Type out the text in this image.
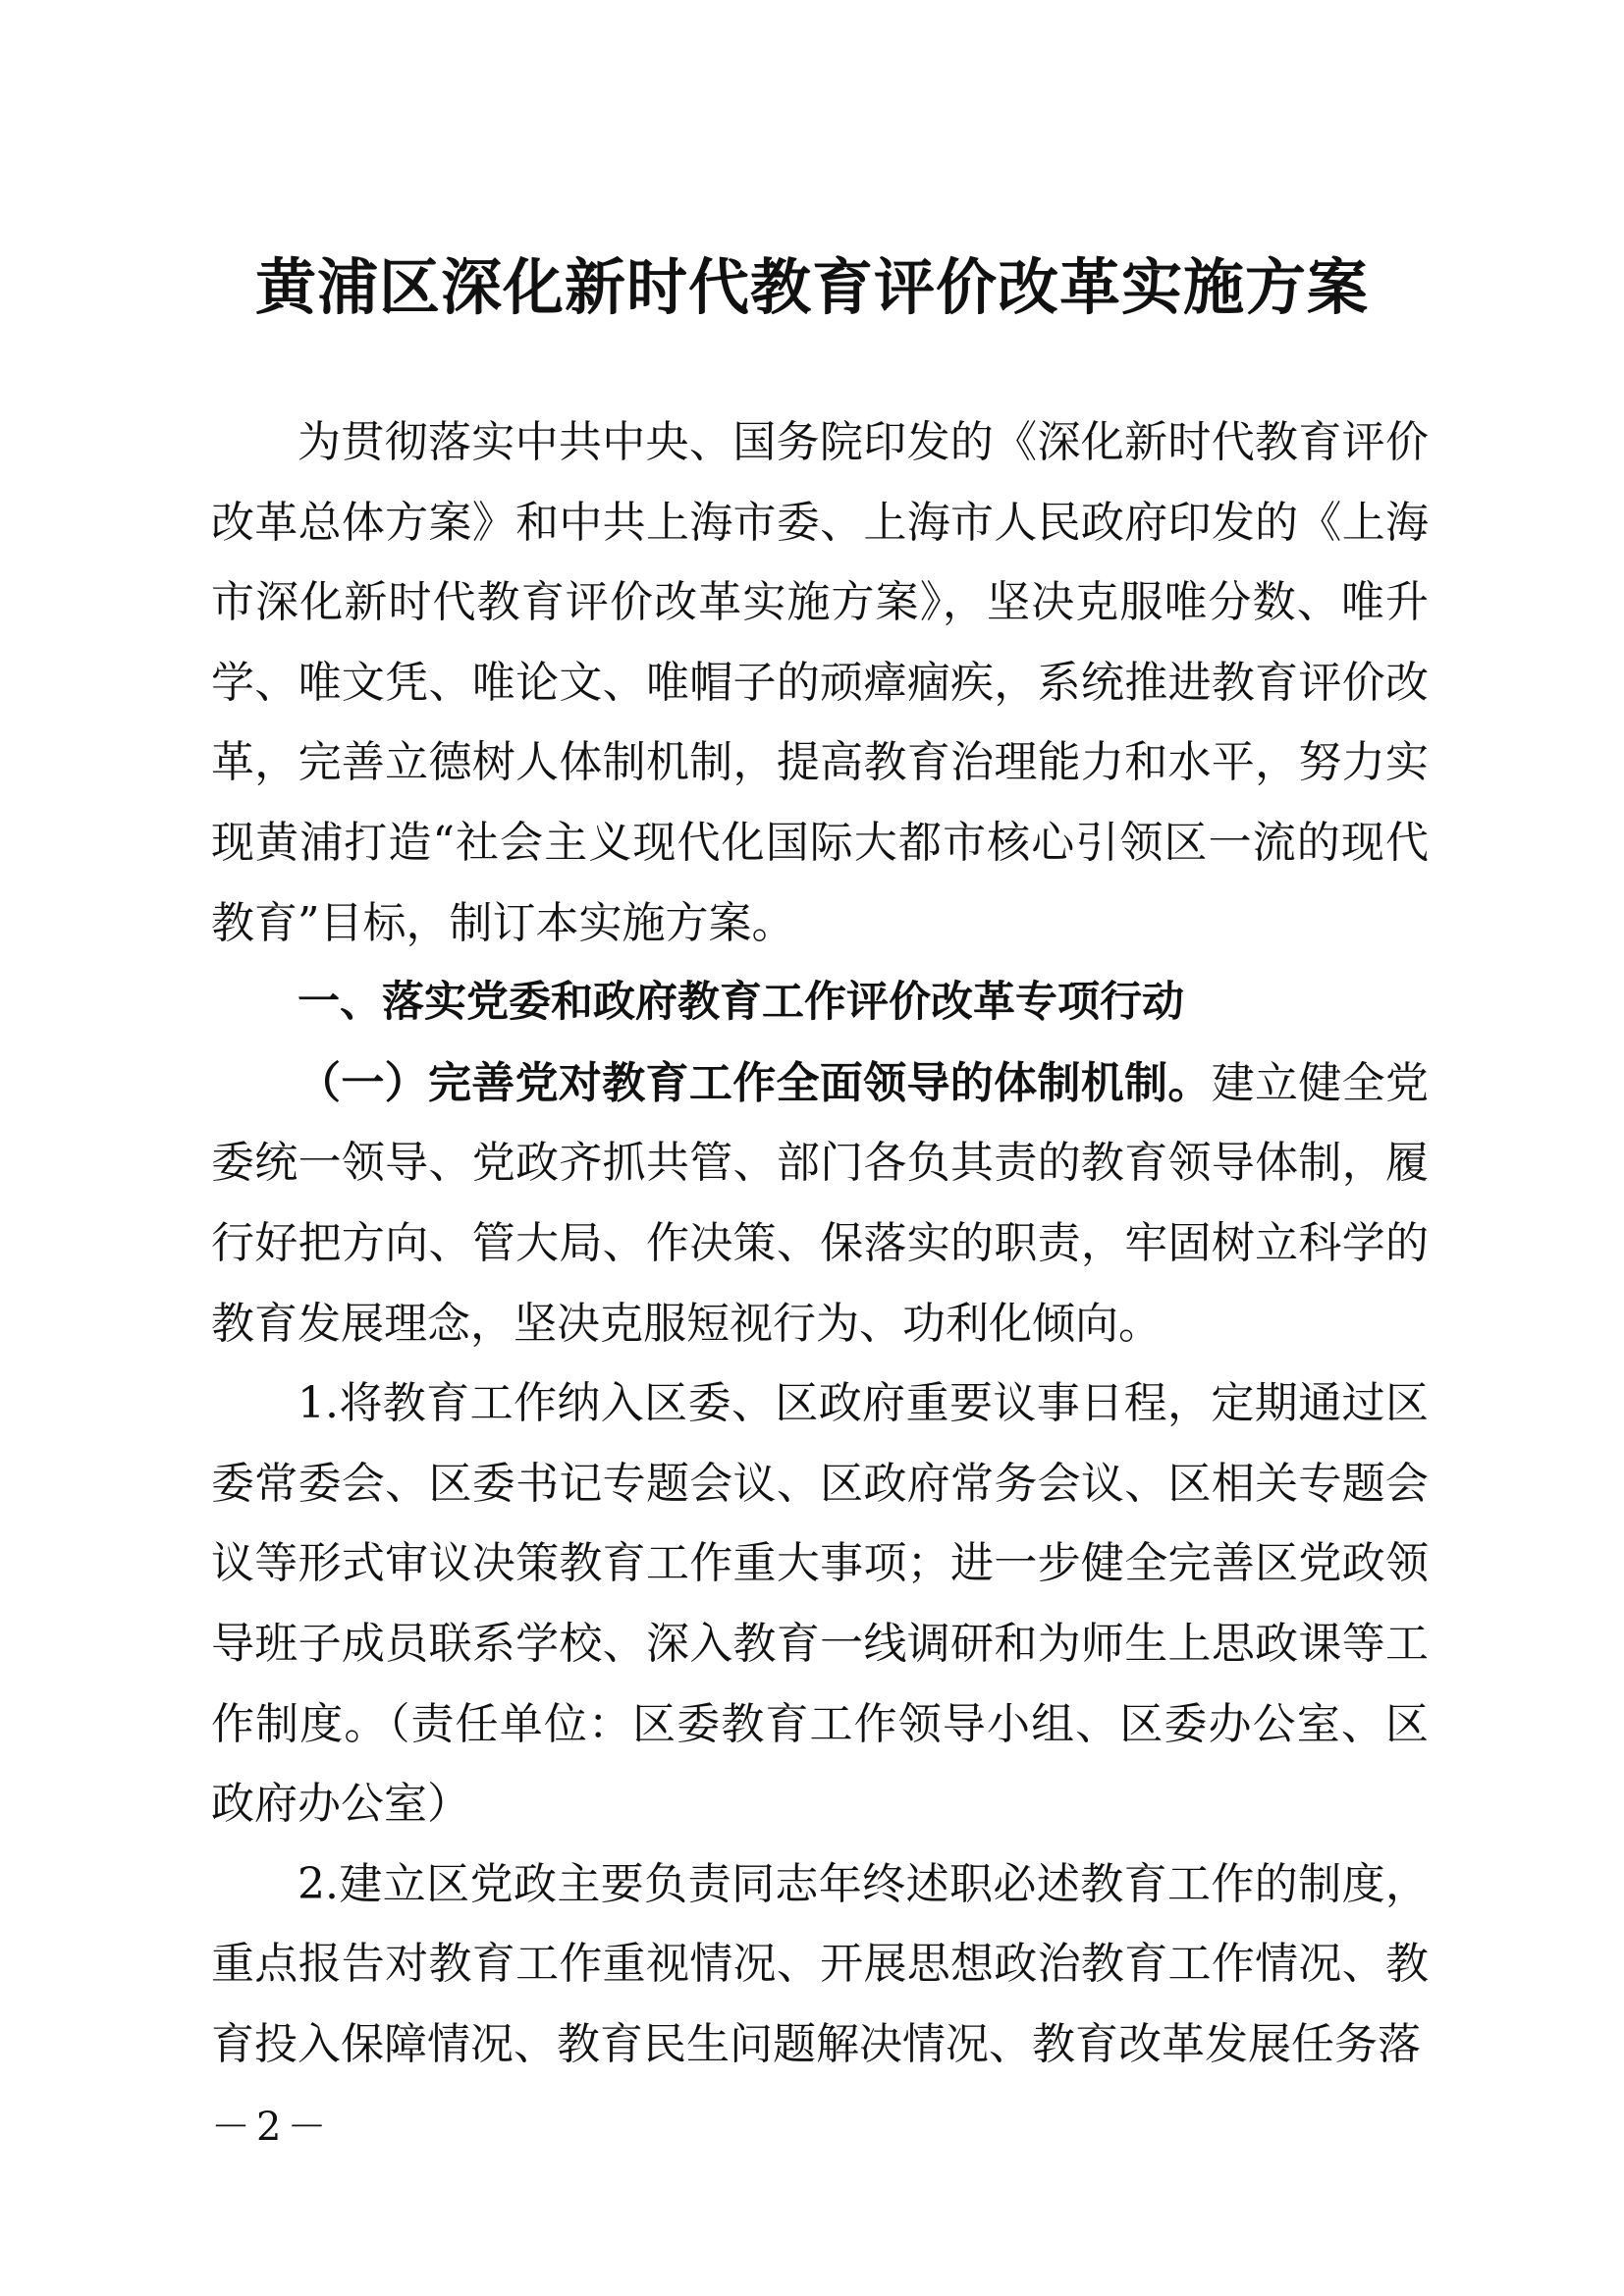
黄浦区深化新时代教育评价改革实施方案

为贯彻落实中共中央、国务院印发的《深化新时代教育评价改革总体方案》和中共上海市委、上海市人民政府印发的《上海市深化新时代教育评价改革实施方案》，坚决克服唯分数、唯升学、唯文凭、唯论文、唯帽子的顽瘴痼疾，系统推进教育评价改革，完善立德树人体制机制，提高教育治理能力和水平，努力实现黄浦打造“社会主义现代化国际大都市核心引领区一流的现代教育”目标，制订本实施方案。

一、落实党委和政府教育工作评价改革专项行动

（一）完善党对教育工作全面领导的体制机制。建立健全党委统一领导、党政齐抓共管、部门各负其责的教育领导体制，履行好把方向、管大局、作决策、保落实的职责，牢固树立科学的教育发展理念，坚决克服短视行为、功利化倾向。

1.将教育工作纳入区委、区政府重要议事日程，定期通过区委常委会、区委书记专题会议、区政府常务会议、区相关专题会议等形式审议决策教育工作重大事项；进一步健全完善区党政领导班子成员联系学校、深入教育一线调研和为师生上思政课等工作制度。（责任单位：区委教育工作领导小组、区委办公室、区政府办公室）

2.建立区党政主要负责同志年终述职必述教育工作的制度，重点报告对教育工作重视情况、开展思想政治教育工作情况、教育投入保障情况、教育民生问题解决情况、教育改革发展任务落

－2－
